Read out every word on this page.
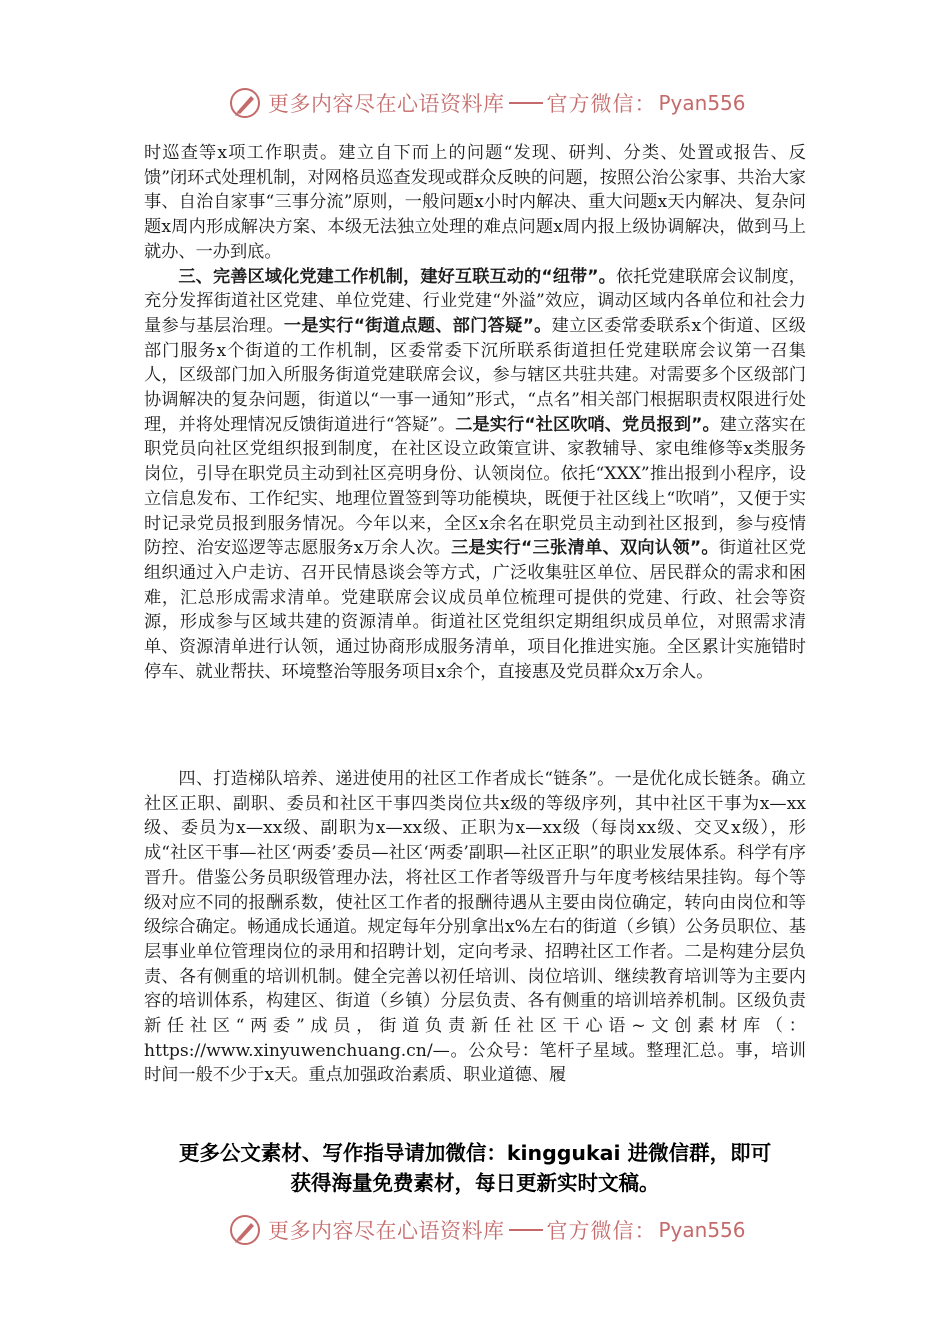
更多内容尽在心语资料库 官方微信： Pyan556

时巡查等x项工作职责。建立自下而上的问题“发现、研判、分类、处置或报告、反馈”闭环式处理机制，对网格员巡查发现或群众反映的问题，按照公治公家事、共治大家事、自治自家事“三事分流”原则，一般问题x小时内解决、重大问题x天内解决、复杂问题x周内形成解决方案、本级无法独立处理的难点问题x周内报上级协调解决，做到马上就办、一办到底。

三、完善区域化党建工作机制，建好互联互动的“纽带”。依托党建联席会议制度，充分发挥街道社区党建、单位党建、行业党建“外溢”效应，调动区域内各单位和社会力量参与基层治理。一是实行“街道点题、部门答疑”。建立区委常委联系x个街道、区级部门服务x个街道的工作机制，区委常委下沉所联系街道担任党建联席会议第一召集人，区级部门加入所服务街道党建联席会议，参与辖区共驻共建。对需要多个区级部门协调解决的复杂问题，街道以“一事一通知”形式，“点名”相关部门根据职责权限进行处理，并将处理情况反馈街道进行“答疑”。二是实行“社区吹哨、党员报到”。建立落实在职党员向社区党组织报到制度，在社区设立政策宣讲、家教辅导、家电维修等x类服务岗位，引导在职党员主动到社区亮明身份、认领岗位。依托“XXX”推出报到小程序，设立信息发布、工作纪实、地理位置签到等功能模块，既便于社区线上“吹哨”，又便于实时记录党员报到服务情况。今年以来，全区x余名在职党员主动到社区报到，参与疫情防控、治安巡逻等志愿服务x万余人次。三是实行“三张清单、双向认领”。街道社区党组织通过入户走访、召开民情恳谈会等方式，广泛收集驻区单位、居民群众的需求和困难，汇总形成需求清单。党建联席会议成员单位梳理可提供的党建、行政、社会等资源，形成参与区域共建的资源清单。街道社区党组织定期组织成员单位，对照需求清单、资源清单进行认领，通过协商形成服务清单，项目化推进实施。全区累计实施错时停车、就业帮扶、环境整治等服务项目x余个，直接惠及党员群众x万余人。

四、打造梯队培养、递进使用的社区工作者成长“链条”。一是优化成长链条。确立社区正职、副职、委员和社区干事四类岗位共x级的等级序列，其中社区干事为x—xx级、委员为x—xx级、副职为x—xx级、正职为x—xx级（每岗xx级、交叉x级），形成“社区干事—社区‘两委’委员—社区‘两委’副职—社区正职”的职业发展体系。科学有序晋升。借鉴公务员职级管理办法，将社区工作者等级晋升与年度考核结果挂钩。每个等级对应不同的报酬系数，使社区工作者的报酬待遇从主要由岗位确定，转向由岗位和等级综合确定。畅通成长通道。规定每年分别拿出x%左右的街道（乡镇）公务员职位、基层事业单位管理岗位的录用和招聘计划，定向考录、招聘社区工作者。二是构建分层负责、各有侧重的培训机制。健全完善以初任培训、岗位培训、继续教育培训等为主要内容的培训体系，构建区、街道（乡镇）分层负责、各有侧重的培训培养机制。区级负责新任社区“两委”成员，街道负责新任社区干心语~文创素材库（：https://www.xinyuwenchuang.cn/—。公众号：笔杆子星域。整理汇总。事，培训时间一般不少于x天。重点加强政治素质、职业道德、履

更多公文素材、写作指导请加微信：kinggukai 进微信群，即可
获得海量免费素材，每日更新实时文稿。
更多内容尽在心语资料库 官方微信： Pyan556
